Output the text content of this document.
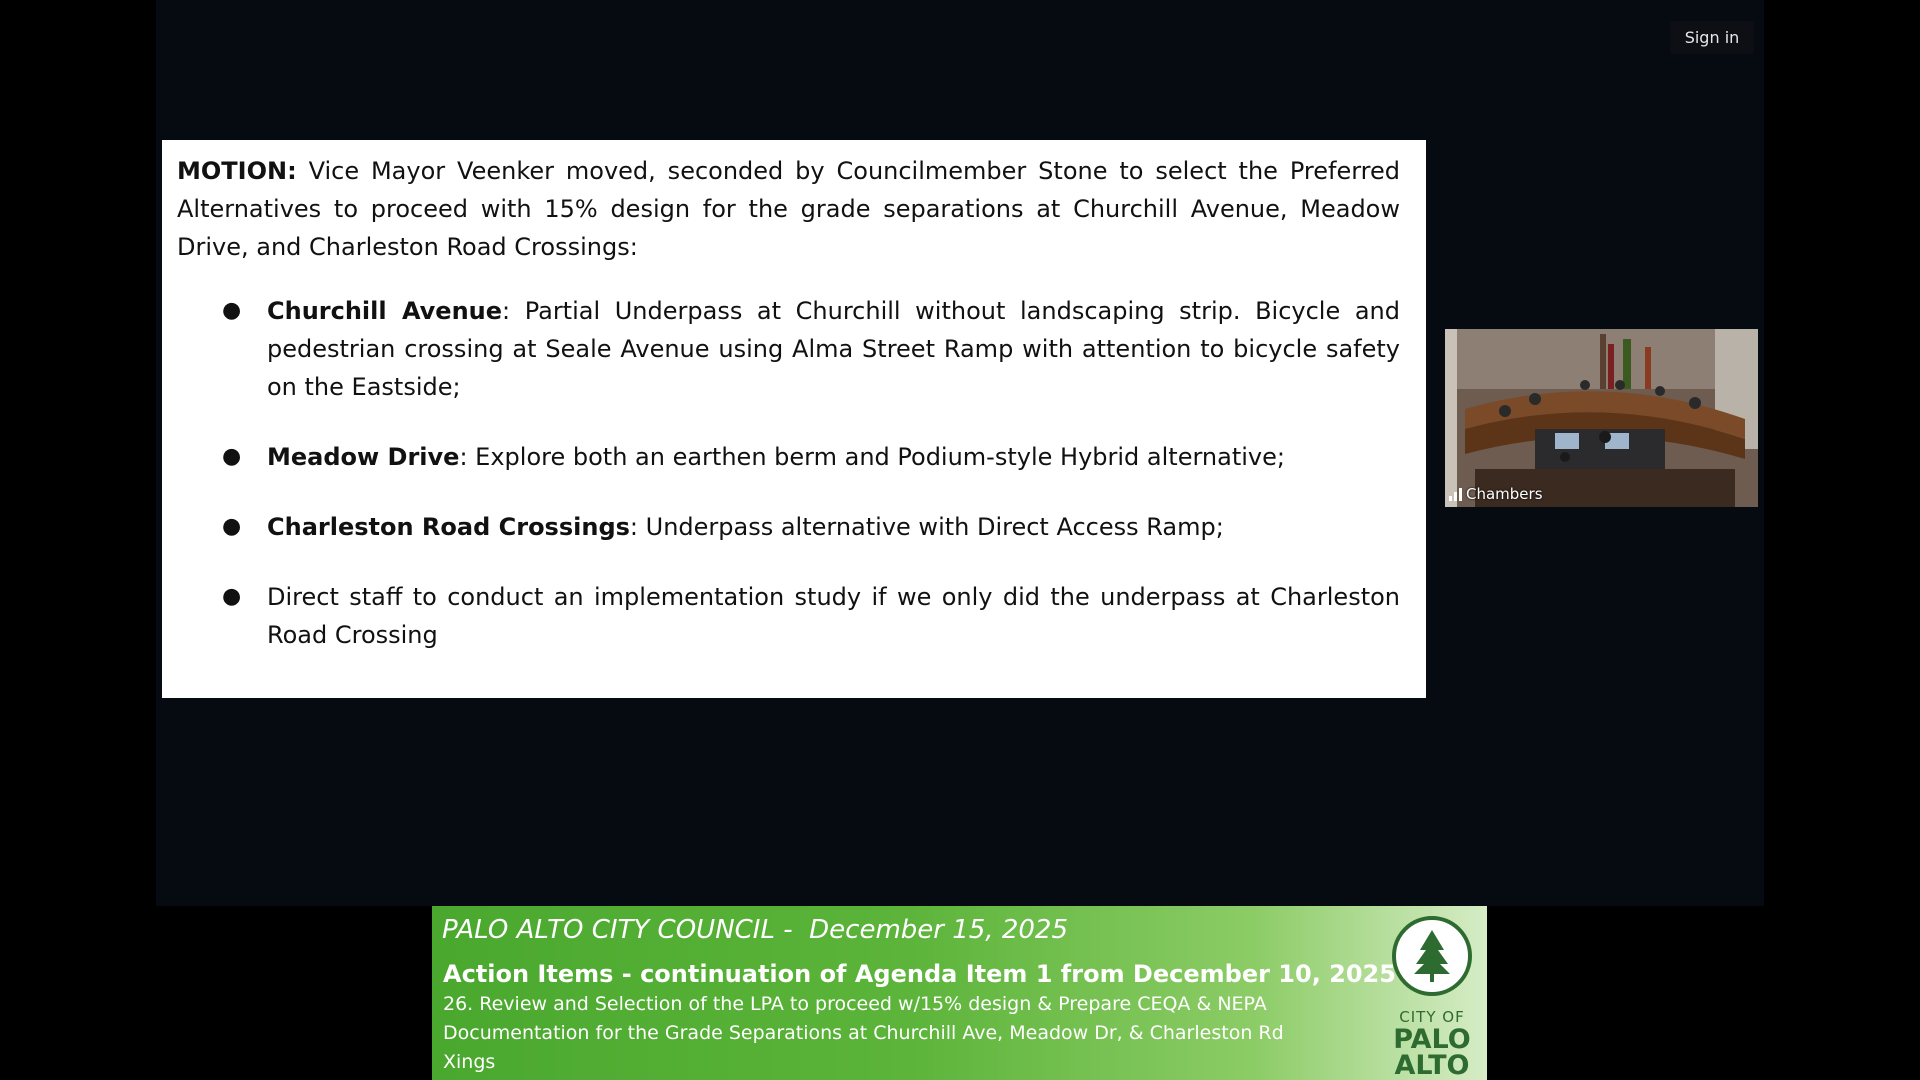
Sign in

MOTION: Vice Mayor Veenker moved, seconded by Councilmember Stone to select the Preferred Alternatives to proceed with 15% design for the grade separations at Churchill Avenue, Meadow Drive, and Charleston Road Crossings:

● Churchill Avenue: Partial Underpass at Churchill without landscaping strip. Bicycle and pedestrian crossing at Seale Avenue using Alma Street Ramp with attention to bicycle safety on the Eastside;
● Meadow Drive: Explore both an earthen berm and Podium-style Hybrid alternative;
● Charleston Road Crossings: Underpass alternative with Direct Access Ramp;
● Direct staff to conduct an implementation study if we only did the underpass at Charleston Road Crossing
Chambers
PALO ALTO CITY COUNCIL -  December 15, 2025
Action Items - continuation of Agenda Item 1 from December 10, 2025
26. Review and Selection of the LPA to proceed w/15% design & Prepare CEQA & NEPA Documentation for the Grade Separations at Churchill Ave, Meadow Dr, & Charleston Rd Xings
CITY OF
PALO
ALTO
